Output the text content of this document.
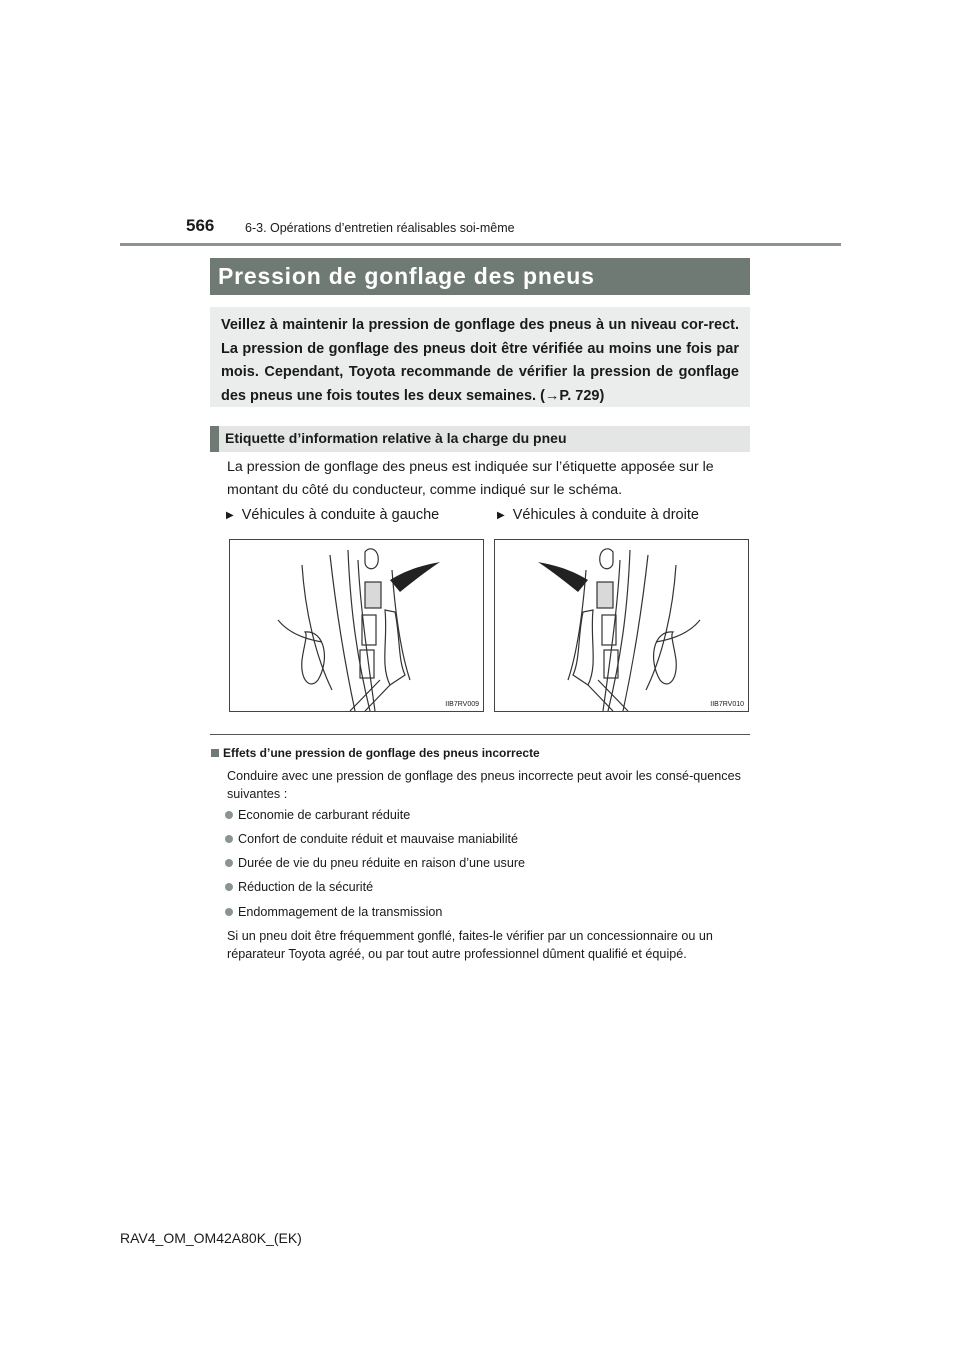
566 6-3. Opérations d’entretien réalisables soi-même
Pression de gonflage des pneus
Veillez à maintenir la pression de gonflage des pneus à un niveau cor-rect. La pression de gonflage des pneus doit être vérifiée au moins une fois par mois. Cependant, Toyota recommande de vérifier la pression de gonflage des pneus une fois toutes les deux semaines. (→P. 729)
Etiquette d’information relative à la charge du pneu
La pression de gonflage des pneus est indiquée sur l’étiquette apposée sur le montant du côté du conducteur, comme indiqué sur le schéma.
▶ Véhicules à conduite à gauche	▶ Véhicules à conduite à droite
IIB7RV009	IIB7RV010
Effets d’une pression de gonflage des pneus incorrecte
Conduire avec une pression de gonflage des pneus incorrecte peut avoir les consé-quences suivantes :
Economie de carburant réduite
Confort de conduite réduit et mauvaise maniabilité
Durée de vie du pneu réduite en raison d’une usure
Réduction de la sécurité
Endommagement de la transmission
Si un pneu doit être fréquemment gonflé, faites-le vérifier par un concessionnaire ou un réparateur Toyota agréé, ou par tout autre professionnel dûment qualifié et équipé.
RAV4_OM_OM42A80K_(EK)
